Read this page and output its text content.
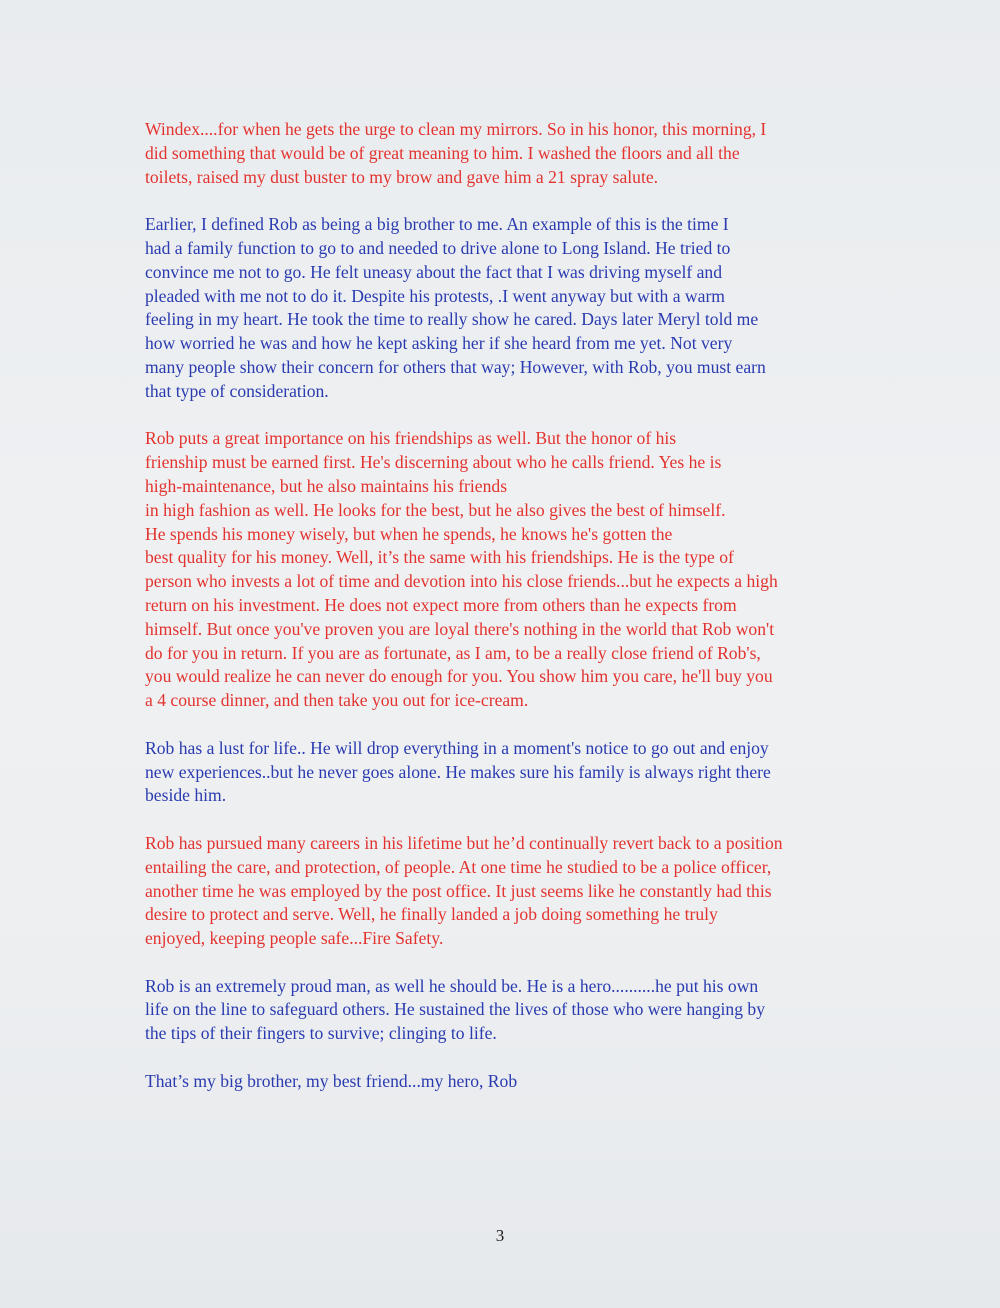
Windex....for when he gets the urge to clean my mirrors. So in his honor, this morning, I
did something that would be of great meaning to him. I washed the floors and all the
toilets, raised my dust buster to my brow and gave him a 21 spray salute.

Earlier, I defined Rob as being a big brother to me. An example of this is the time I
had a family function to go to and needed to drive alone to Long Island. He tried to
convince me not to go. He felt uneasy about the fact that I was driving myself and
pleaded with me not to do it. Despite his protests, .I went anyway but with a warm
feeling in my heart. He took the time to really show he cared. Days later Meryl told me
how worried he was and how he kept asking her if she heard from me yet. Not very
many people show their concern for others that way; However, with Rob, you must earn
that type of consideration.

Rob puts a great importance on his friendships as well. But the honor of his
frienship must be earned first. He's discerning about who he calls friend. Yes he is
high-maintenance, but he also maintains his friends
in high fashion as well. He looks for the best, but he also gives the best of himself.
He spends his money wisely, but when he spends, he knows he's gotten the
best quality for his money. Well, it’s the same with his friendships. He is the type of
person who invests a lot of time and devotion into his close friends...but he expects a high
return on his investment. He does not expect more from others than he expects from
himself. But once you've proven you are loyal there's nothing in the world that Rob won't
do for you in return. If you are as fortunate, as I am, to be a really close friend of Rob's,
you would realize he can never do enough for you. You show him you care, he'll buy you
a 4 course dinner, and then take you out for ice-cream.

Rob has a lust for life.. He will drop everything in a moment's notice to go out and enjoy
new experiences..but he never goes alone. He makes sure his family is always right there
beside him.

Rob has pursued many careers in his lifetime but he’d continually revert back to a position
entailing the care, and protection, of people. At one time he studied to be a police officer,
another time he was employed by the post office. It just seems like he constantly had this
desire to protect and serve. Well, he finally landed a job doing something he truly
enjoyed, keeping people safe...Fire Safety.

Rob is an extremely proud man, as well he should be. He is a hero..........he put his own
life on the line to safeguard others. He sustained the lives of those who were hanging by
the tips of their fingers to survive; clinging to life.

That’s my big brother, my best friend...my hero, Rob

3
